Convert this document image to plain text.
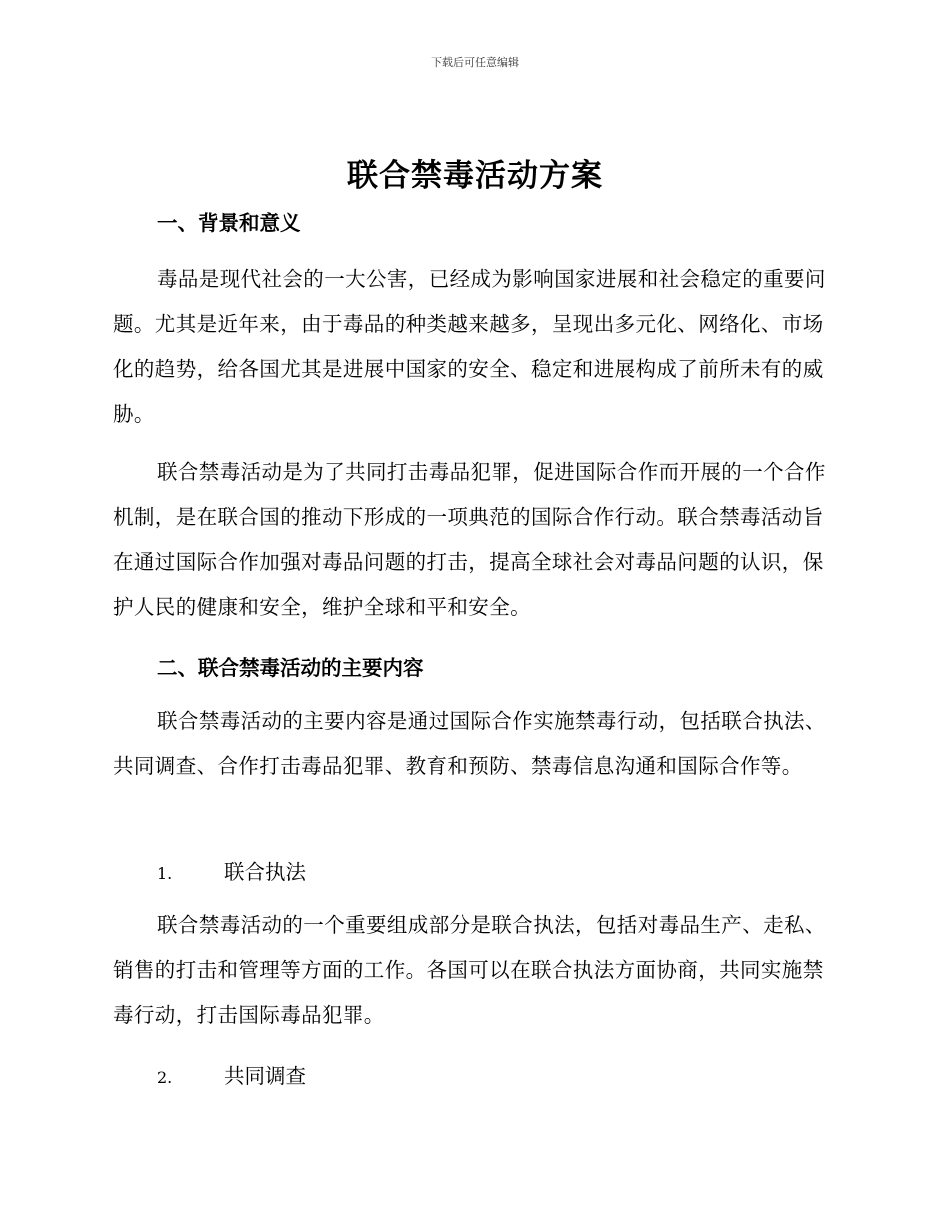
下载后可任意编辑
联合禁毒活动方案
一、背景和意义

毒品是现代社会的一大公害，已经成为影响国家进展和社会稳定的重要问题。尤其是近年来，由于毒品的种类越来越多，呈现出多元化、网络化、市场化的趋势，给各国尤其是进展中国家的安全、稳定和进展构成了前所未有的威胁。

联合禁毒活动是为了共同打击毒品犯罪，促进国际合作而开展的一个合作机制，是在联合国的推动下形成的一项典范的国际合作行动。联合禁毒活动旨在通过国际合作加强对毒品问题的打击，提高全球社会对毒品问题的认识，保护人民的健康和安全，维护全球和平和安全。

二、联合禁毒活动的主要内容

联合禁毒活动的主要内容是通过国际合作实施禁毒行动，包括联合执法、共同调查、合作打击毒品犯罪、教育和预防、禁毒信息沟通和国际合作等。

1.	联合执法

联合禁毒活动的一个重要组成部分是联合执法，包括对毒品生产、走私、销售的打击和管理等方面的工作。各国可以在联合执法方面协商，共同实施禁毒行动，打击国际毒品犯罪。

2.	共同调查
